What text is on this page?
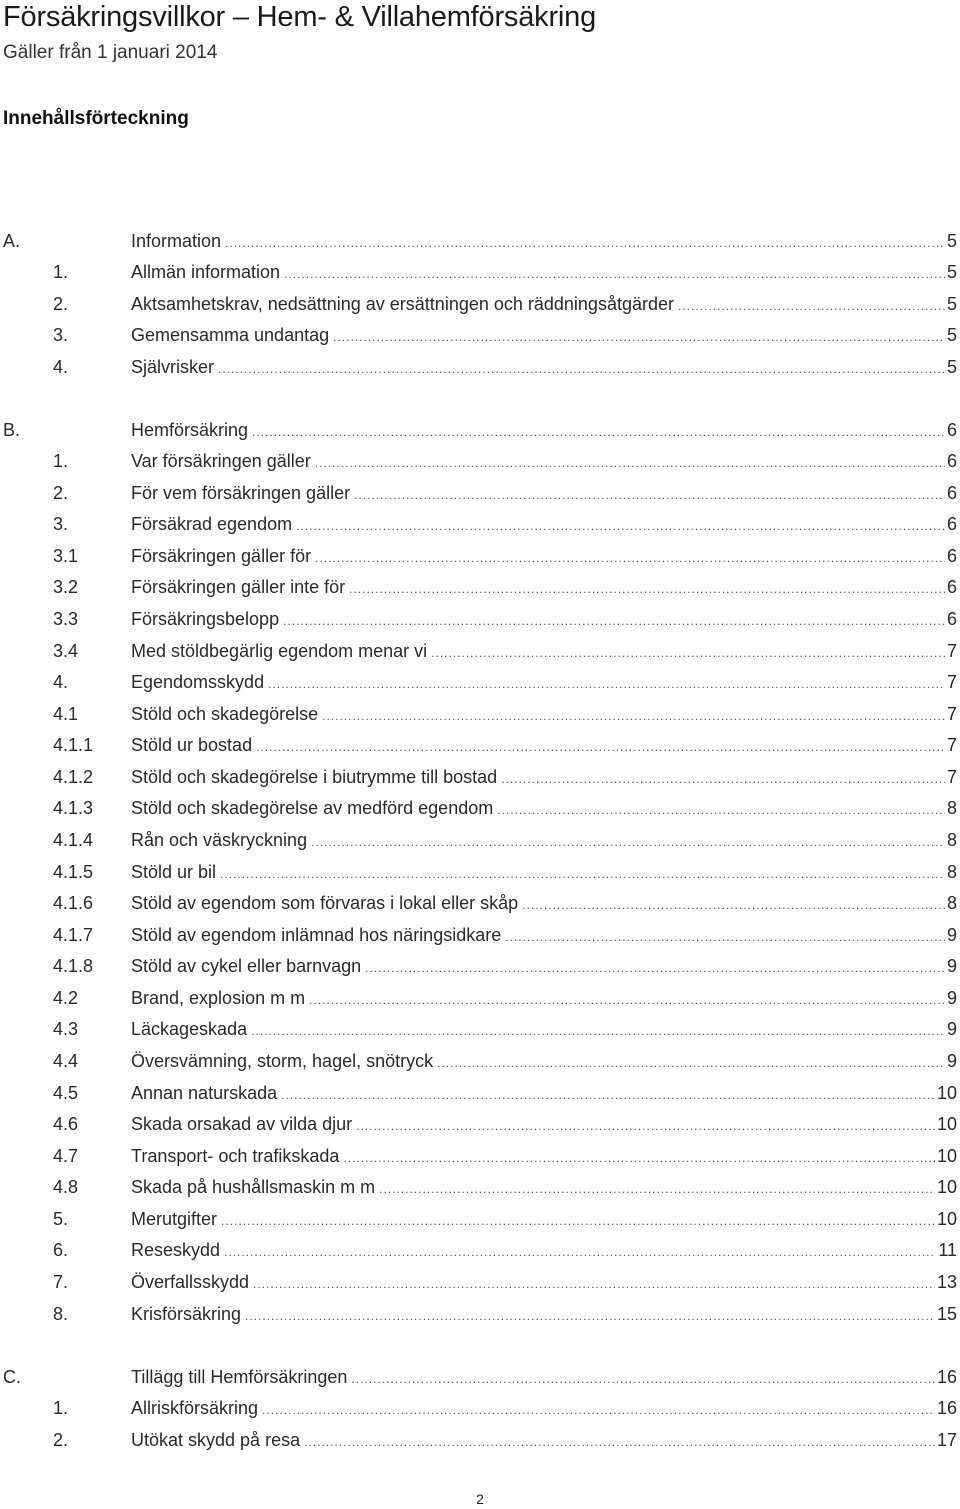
Försäkringsvillkor – Hem- & Villahemförsäkring
Gäller från 1 januari 2014
Innehållsförteckning
A.	Information .....	5
1.	Allmän information .....	5
2.	Aktsamhetskrav, nedsättning av ersättningen och räddningsåtgärder .....	5
3.	Gemensamma undantag .....	5
4.	Självrisker .....	5
B.	Hemförsäkring .....	6
1.	Var försäkringen gäller .....	6
2.	För vem försäkringen gäller .....	6
3.	Försäkrad egendom .....	6
3.1	Försäkringen gäller för .....	6
3.2	Försäkringen gäller inte för .....	6
3.3	Försäkringsbelopp .....	6
3.4	Med stöldbegärlig egendom menar vi .....	7
4.	Egendomsskydd .....	7
4.1	Stöld och skadegörelse .....	7
4.1.1 Stöld ur bostad .....	7
4.1.2 Stöld och skadegörelse i biutrymme till bostad .....	7
4.1.3 Stöld och skadegörelse av medförd egendom .....	8
4.1.4 Rån och väskryckning .....	8
4.1.5 Stöld ur bil .....	8
4.1.6 Stöld av egendom som förvaras i lokal eller skåp .....	8
4.1.7 Stöld av egendom inlämnad hos näringsidkare .....	9
4.1.8 Stöld av cykel eller barnvagn .....	9
4.2	Brand, explosion m m .....	9
4.3	Läckageskada .....	9
4.4	Översvämning, storm, hagel, snötryck .....	9
4.5	Annan naturskada .....	10
4.6	Skada orsakad av vilda djur .....	10
4.7	Transport- och trafikskada .....	10
4.8	Skada på hushållsmaskin m m .....	10
5.	Merutgifter .....	10
6.	Reseskydd .....	11
7.	Överfallsskydd .....	13
8.	Krisförsäkring .....	15
C.	Tillägg till Hemförsäkringen .....	16
1.	Allriskförsäkring .....	16
2.	Utökat skydd på resa .....	17
2
